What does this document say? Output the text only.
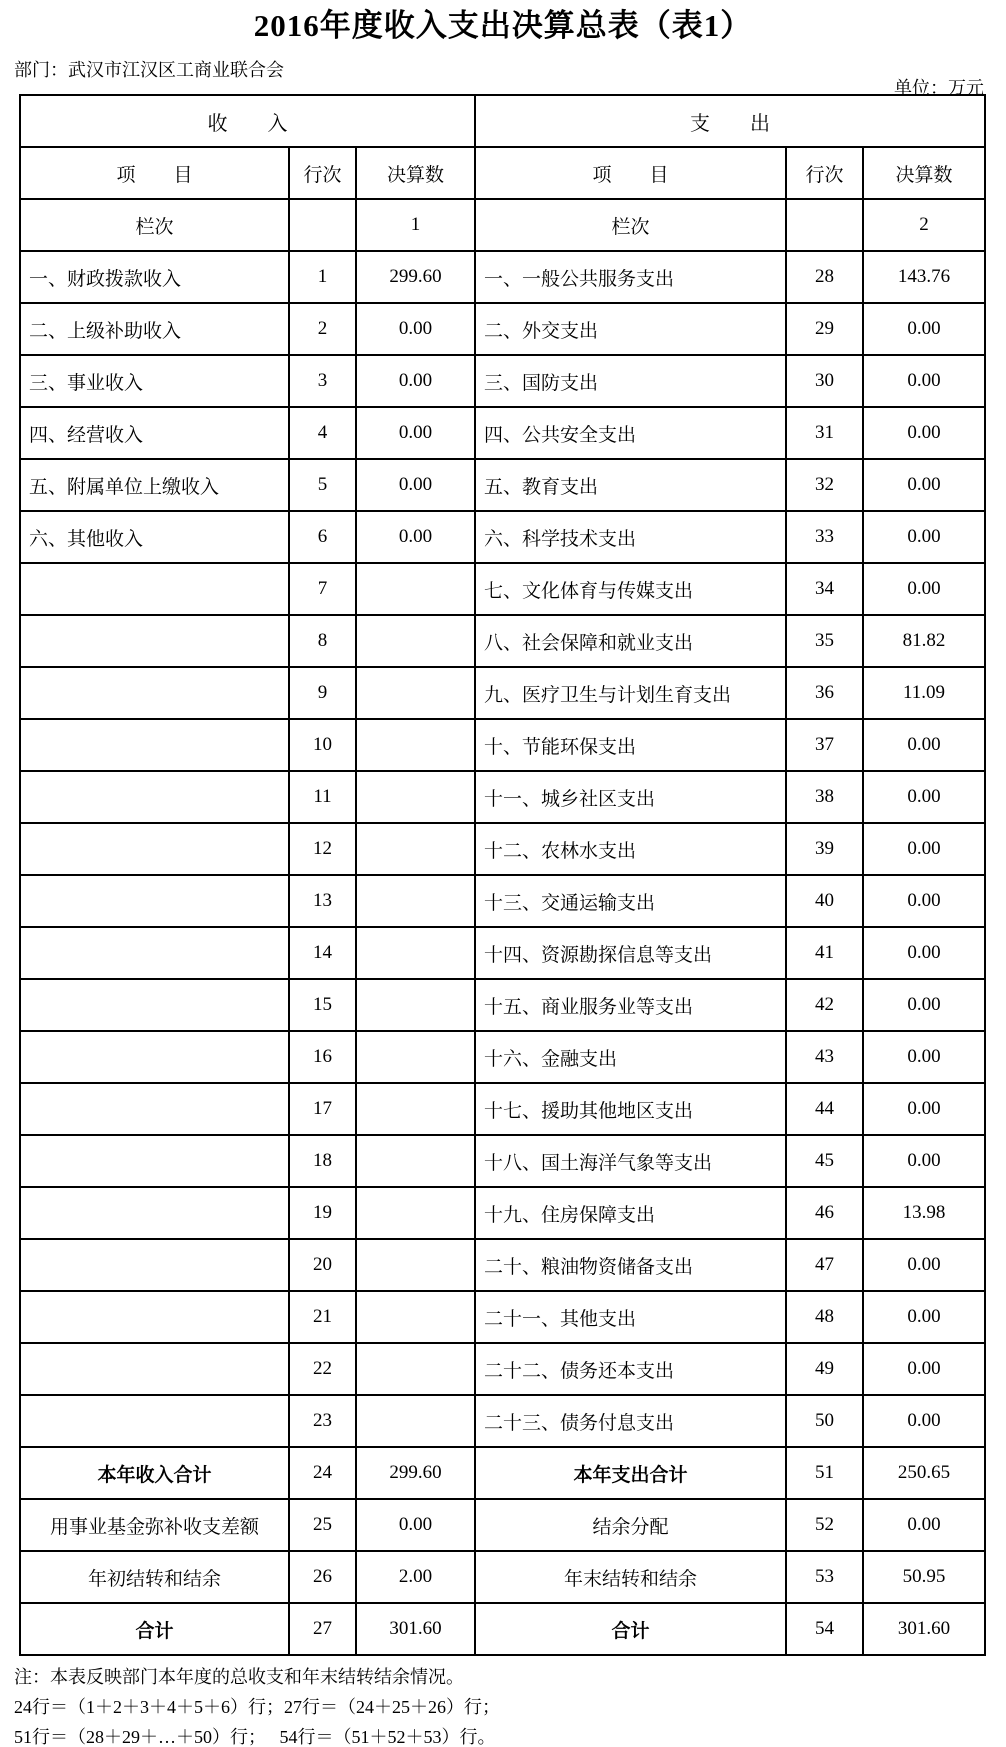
2016年度收入支出决算总表（表1）
部门：武汉市江汉区工商业联合会
单位：万元
收　　入			支　　出		
项　　目	行次	决算数	项　　目	行次	决算数
栏次		1	栏次		2
一、财政拨款收入	1	299.60	一、一般公共服务支出	28	143.76
二、上级补助收入	2	0.00	二、外交支出	29	0.00
三、事业收入	3	0.00	三、国防支出	30	0.00
四、经营收入	4	0.00	四、公共安全支出	31	0.00
五、附属单位上缴收入	5	0.00	五、教育支出	32	0.00
六、其他收入	6	0.00	六、科学技术支出	33	0.00
	7		七、文化体育与传媒支出	34	0.00
	8		八、社会保障和就业支出	35	81.82
	9		九、医疗卫生与计划生育支出	36	11.09
	10		十、节能环保支出	37	0.00
	11		十一、城乡社区支出	38	0.00
	12		十二、农林水支出	39	0.00
	13		十三、交通运输支出	40	0.00
	14		十四、资源勘探信息等支出	41	0.00
	15		十五、商业服务业等支出	42	0.00
	16		十六、金融支出	43	0.00
	17		十七、援助其他地区支出	44	0.00
	18		十八、国土海洋气象等支出	45	0.00
	19		十九、住房保障支出	46	13.98
	20		二十、粮油物资储备支出	47	0.00
	21		二十一、其他支出	48	0.00
	22		二十二、债务还本支出	49	0.00
	23		二十三、债务付息支出	50	0.00
本年收入合计	24	299.60	本年支出合计	51	250.65
用事业基金弥补收支差额	25	0.00	结余分配	52	0.00
年初结转和结余	26	2.00	年末结转和结余	53	50.95
合计	27	301.60	合计	54	301.60
注：本表反映部门本年度的总收支和年末结转结余情况。
24行＝（1＋2＋3＋4＋5＋6）行；27行＝（24＋25＋26）行；
51行＝（28＋29＋…＋50）行；　 54行＝（51＋52＋53）行。
